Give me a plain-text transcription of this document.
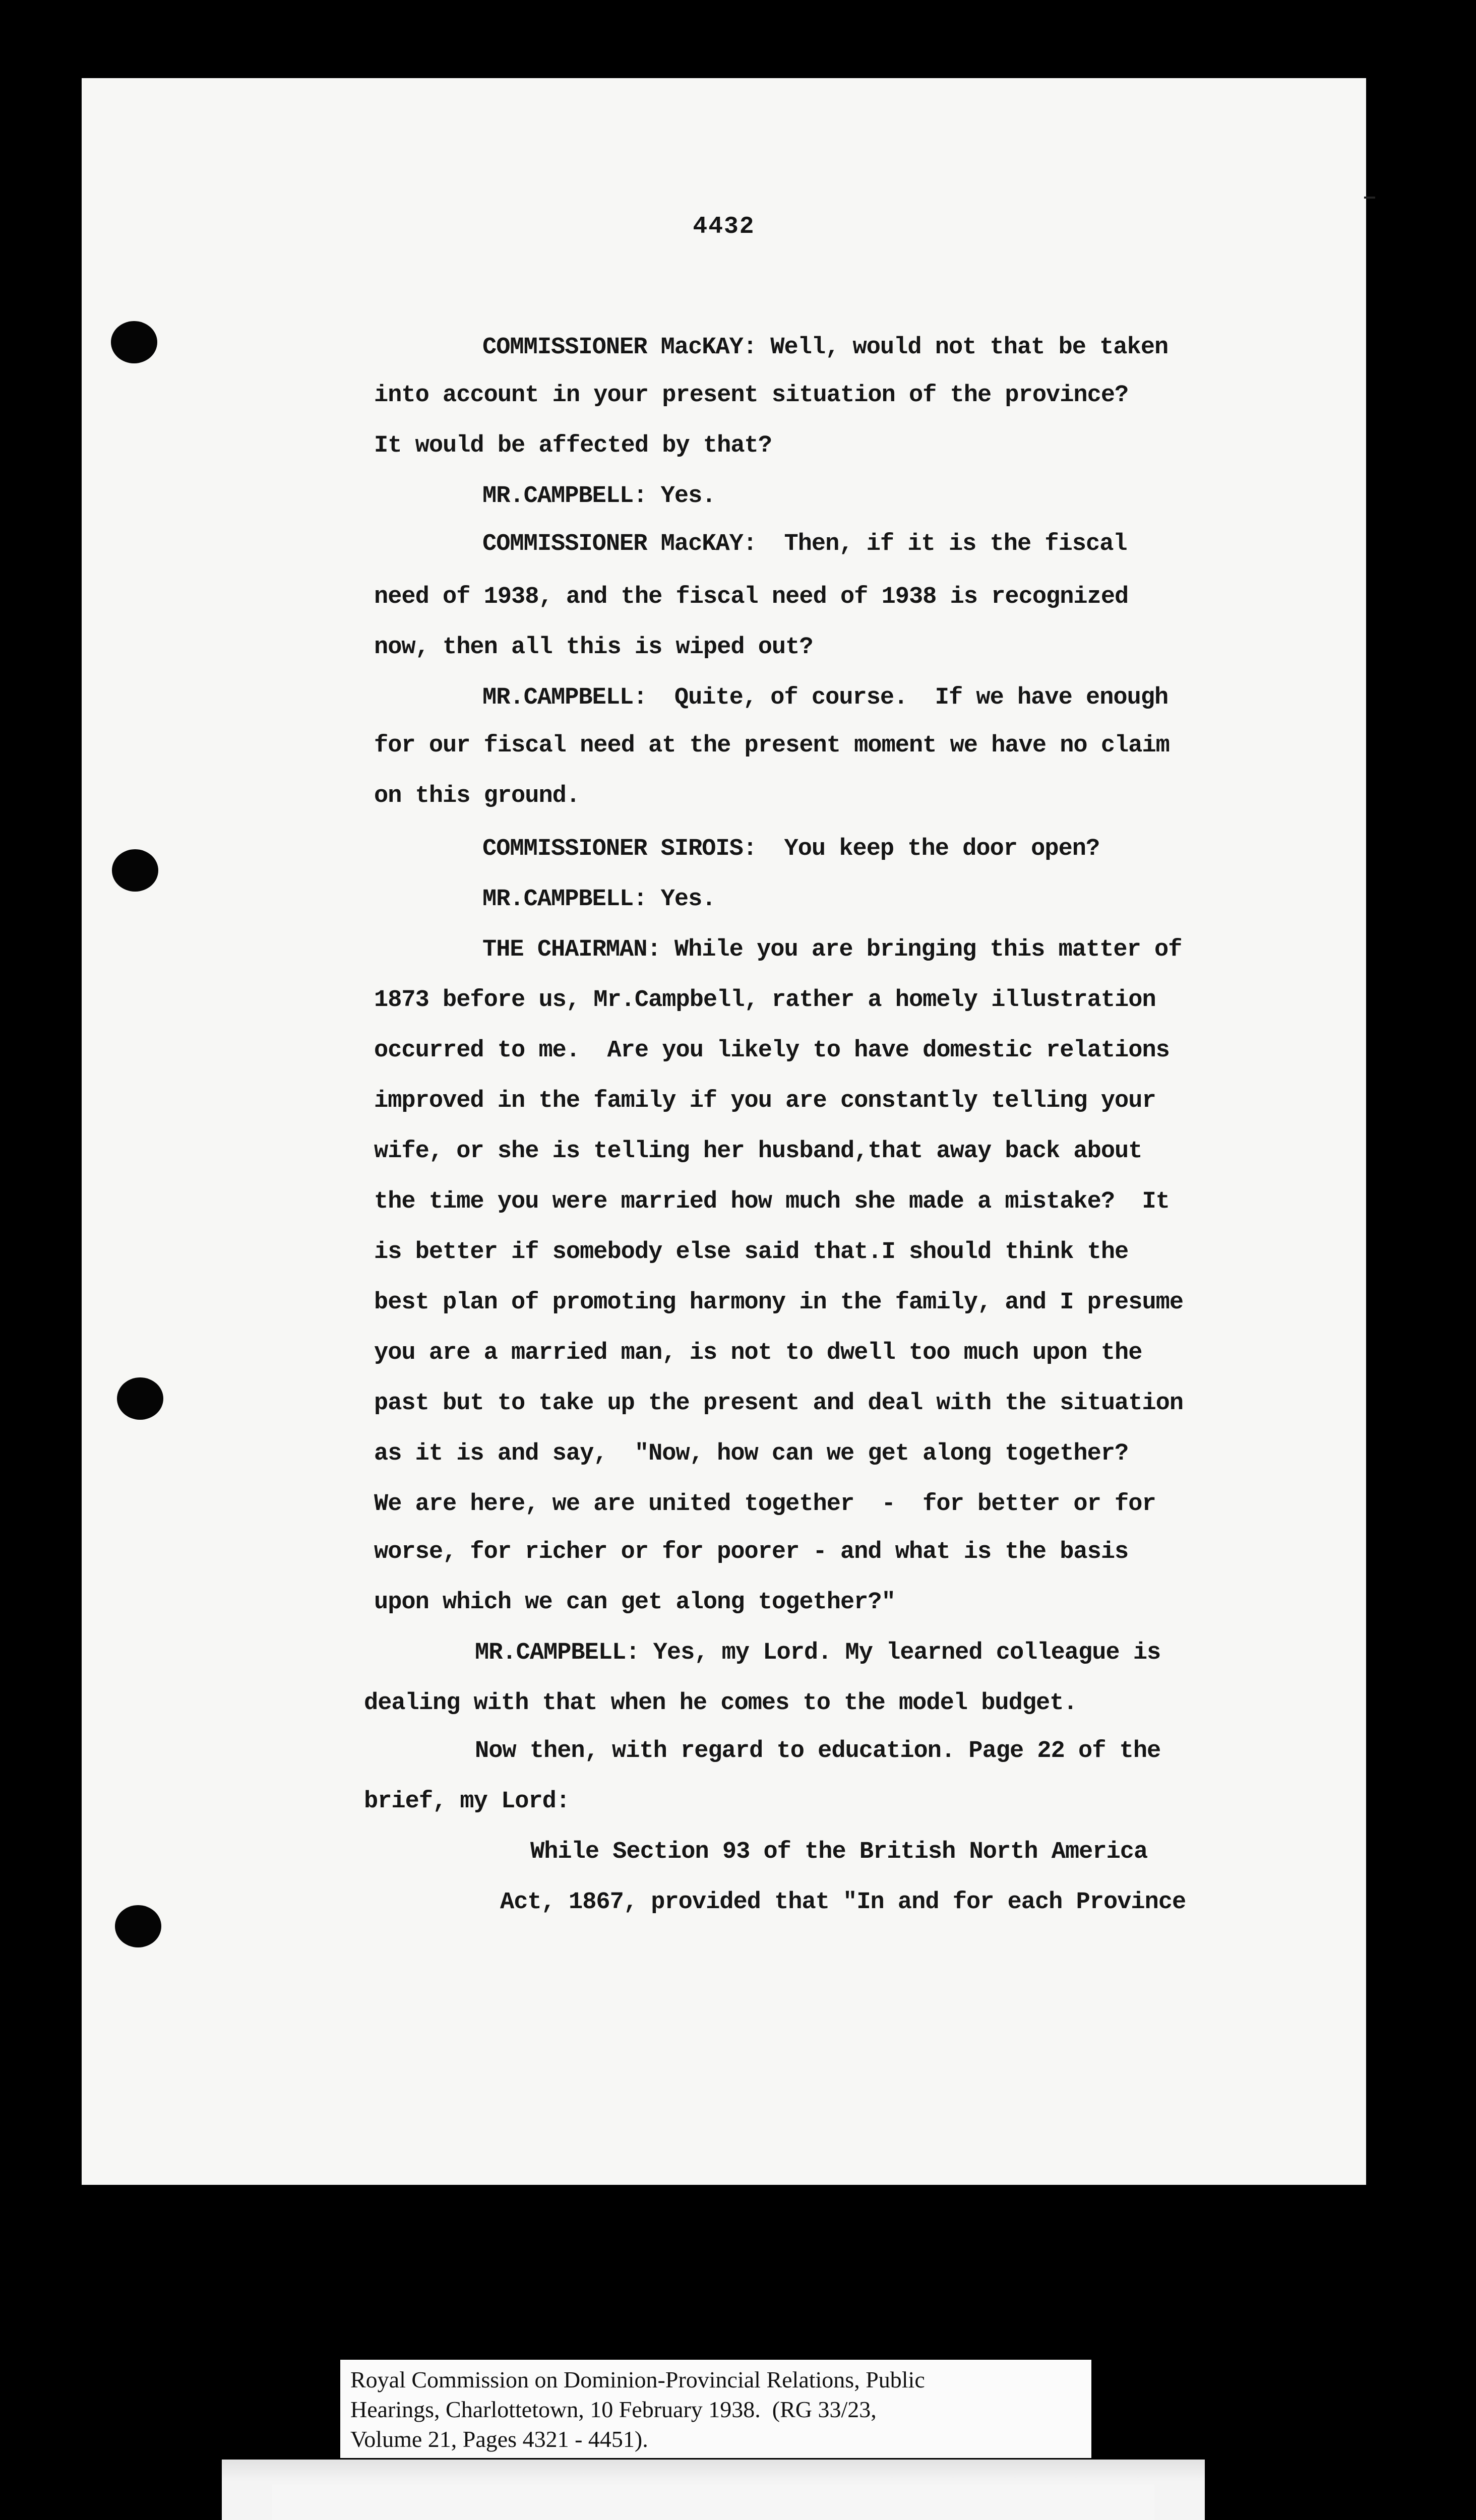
4432
COMMISSIONER MacKAY: Well, would not that be taken
into account in your present situation of the province?
It would be affected by that?
MR.CAMPBELL: Yes.
COMMISSIONER MacKAY:  Then, if it is the fiscal
need of 1938, and the fiscal need of 1938 is recognized
now, then all this is wiped out?
MR.CAMPBELL:  Quite, of course.  If we have enough
for our fiscal need at the present moment we have no claim
on this ground.
COMMISSIONER SIROIS:  You keep the door open?
MR.CAMPBELL: Yes.
THE CHAIRMAN: While you are bringing this matter of
1873 before us, Mr.Campbell, rather a homely illustration
occurred to me.  Are you likely to have domestic relations
improved in the family if you are constantly telling your
wife, or she is telling her husband,that away back about
the time you were married how much she made a mistake?  It
is better if somebody else said that.I should think the
best plan of promoting harmony in the family, and I presume
you are a married man, is not to dwell too much upon the
past but to take up the present and deal with the situation
as it is and say,  "Now, how can we get along together?
We are here, we are united together  -  for better or for
worse, for richer or for poorer - and what is the basis
upon which we can get along together?"
MR.CAMPBELL: Yes, my Lord. My learned colleague is
dealing with that when he comes to the model budget.
Now then, with regard to education. Page 22 of the
brief, my Lord:
While Section 93 of the British North America
Act, 1867, provided that "In and for each Province
Royal Commission on Dominion-Provincial Relations, Public
Hearings, Charlottetown, 10 February 1938.  (RG 33/23,
Volume 21, Pages 4321 - 4451).
